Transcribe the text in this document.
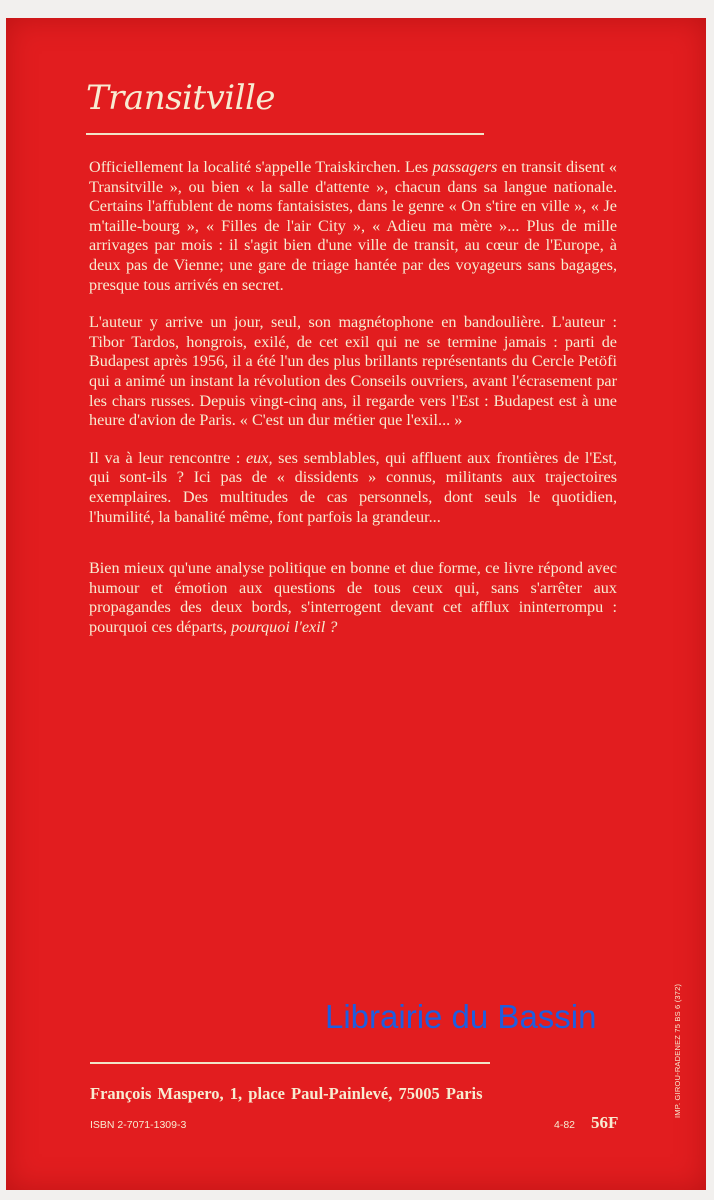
Transitville

Officiellement la localité s'appelle Traiskirchen. Les passagers en transit disent « Transitville », ou bien « la salle d'attente », chacun dans sa langue nationale. Certains l'affublent de noms fantaisistes, dans le genre « On s'tire en ville », « Je m'taille-bourg », « Filles de l'air City », « Adieu ma mère »... Plus de mille arrivages par mois : il s'agit bien d'une ville de transit, au cœur de l'Europe, à deux pas de Vienne; une gare de triage hantée par des voyageurs sans bagages, presque tous arrivés en secret.

L'auteur y arrive un jour, seul, son magnétophone en bandoulière. L'auteur : Tibor Tardos, hongrois, exilé, de cet exil qui ne se termine jamais : parti de Budapest après 1956, il a été l'un des plus brillants représentants du Cercle Petöfi qui a animé un instant la révolution des Conseils ouvriers, avant l'écrasement par les chars russes. Depuis vingt-cinq ans, il regarde vers l'Est : Budapest est à une heure d'avion de Paris. « C'est un dur métier que l'exil... »

Il va à leur rencontre : eux, ses semblables, qui affluent aux frontières de l'Est, qui sont-ils ? Ici pas de « dissidents » connus, militants aux trajectoires exemplaires. Des multitudes de cas personnels, dont seuls le quotidien, l'humilité, la banalité même, font parfois la grandeur...

Bien mieux qu'une analyse politique en bonne et due forme, ce livre répond avec humour et émotion aux questions de tous ceux qui, sans s'arrêter aux propagandes des deux bords, s'interrogent devant cet afflux ininterrompu : pourquoi ces départs, pourquoi l'exil ?

IMP. GIROU-RADENEZ 75 BS 6 (372)
François Maspero, 1, place Paul-Painlevé, 75005 Paris
ISBN 2-7071-1309-3	4-82 56F
Librairie du Bassin
